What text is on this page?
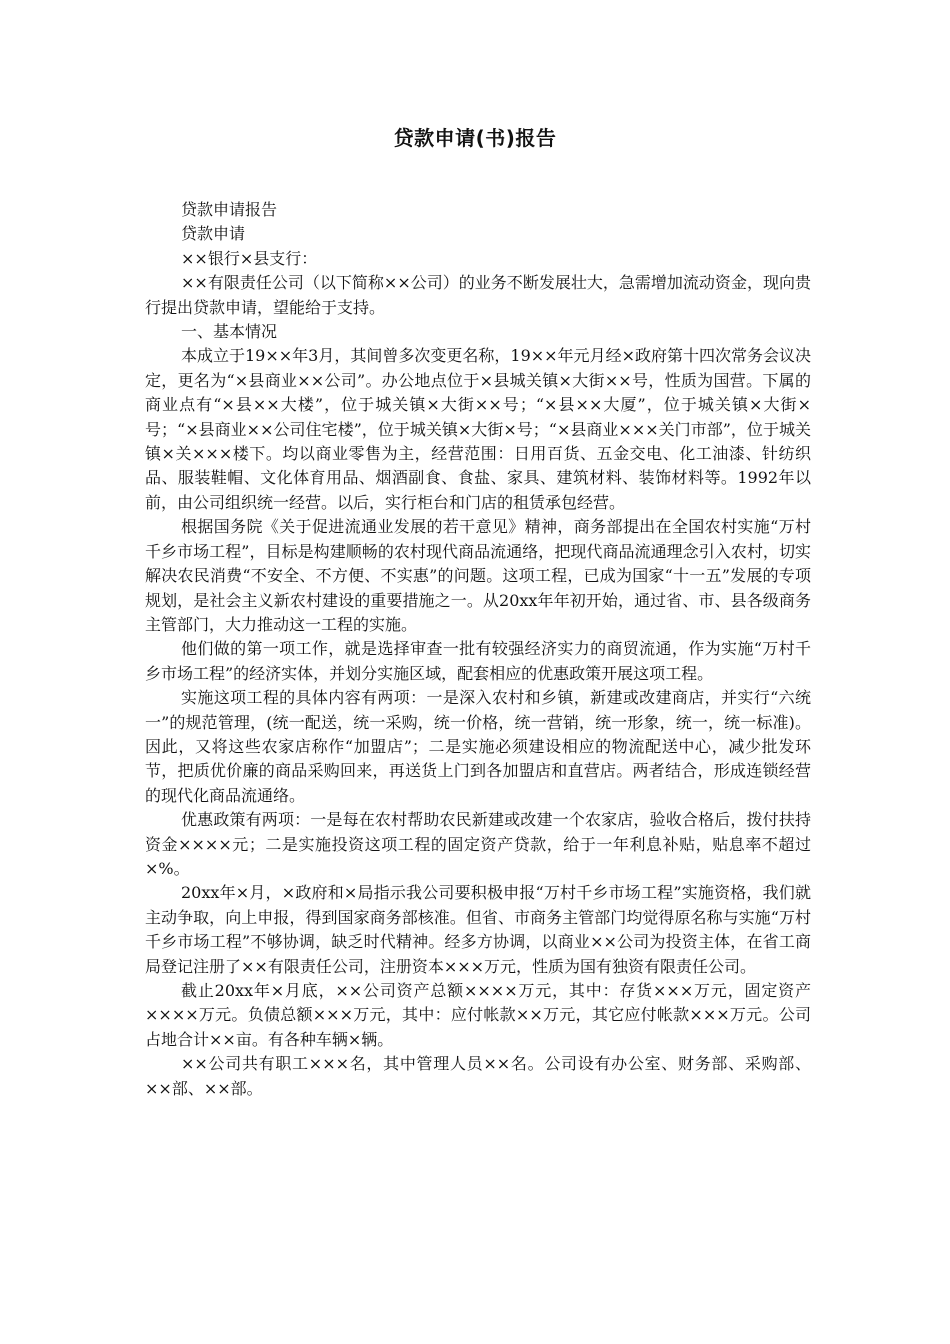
贷款申请(书)报告

贷款申请报告

贷款申请

××银行×县支行：

××有限责任公司（以下简称××公司）的业务不断发展壮大，急需增加流动资金，现向贵行提出贷款申请，望能给于支持。

一、基本情况

本成立于19××年3月，其间曾多次变更名称，19××年元月经×政府第十四次常务会议决定，更名为“×县商业××公司”。办公地点位于×县城关镇×大街××号，性质为国营。下属的商业点有“×县××大楼”，位于城关镇×大街××号；“×县××大厦”，位于城关镇×大街×号；“×县商业××公司住宅楼”，位于城关镇×大街×号；“×县商业×××关门市部”，位于城关镇×关×××楼下。均以商业零售为主，经营范围：日用百货、五金交电、化工油漆、针纺织品、服装鞋帽、文化体育用品、烟酒副食、食盐、家具、建筑材料、装饰材料等。1992年以前，由公司组织统一经营。以后，实行柜台和门店的租赁承包经营。

根据国务院《关于促进流通业发展的若干意见》精神，商务部提出在全国农村实施“万村千乡市场工程”，目标是构建顺畅的农村现代商品流通络，把现代商品流通理念引入农村，切实解决农民消费“不安全、不方便、不实惠”的问题。这项工程，已成为国家“十一五”发展的专项规划，是社会主义新农村建设的重要措施之一。从20xx年年初开始，通过省、市、县各级商务主管部门，大力推动这一工程的实施。

他们做的第一项工作，就是选择审查一批有较强经济实力的商贸流通，作为实施“万村千乡市场工程”的经济实体，并划分实施区域，配套相应的优惠政策开展这项工程。

实施这项工程的具体内容有两项：一是深入农村和乡镇，新建或改建商店，并实行“六统一”的规范管理，(统一配送，统一采购，统一价格，统一营销，统一形象，统一，统一标准)。因此，又将这些农家店称作“加盟店”；二是实施必须建设相应的物流配送中心，减少批发环节，把质优价廉的商品采购回来，再送货上门到各加盟店和直营店。两者结合，形成连锁经营的现代化商品流通络。

优惠政策有两项：一是每在农村帮助农民新建或改建一个农家店，验收合格后，拨付扶持资金××××元；二是实施投资这项工程的固定资产贷款，给于一年利息补贴，贴息率不超过×%。

20xx年×月，×政府和×局指示我公司要积极申报“万村千乡市场工程”实施资格，我们就主动争取，向上申报，得到国家商务部核准。但省、市商务主管部门均觉得原名称与实施“万村千乡市场工程”不够协调，缺乏时代精神。经多方协调，以商业××公司为投资主体，在省工商局登记注册了××有限责任公司，注册资本×××万元，性质为国有独资有限责任公司。

截止20xx年×月底，××公司资产总额××××万元，其中：存货×××万元，固定资产××××万元。负债总额×××万元，其中：应付帐款××万元，其它应付帐款×××万元。公司占地合计××亩。有各种车辆×辆。

××公司共有职工×××名，其中管理人员××名。公司设有办公室、财务部、采购部、××部、××部。
